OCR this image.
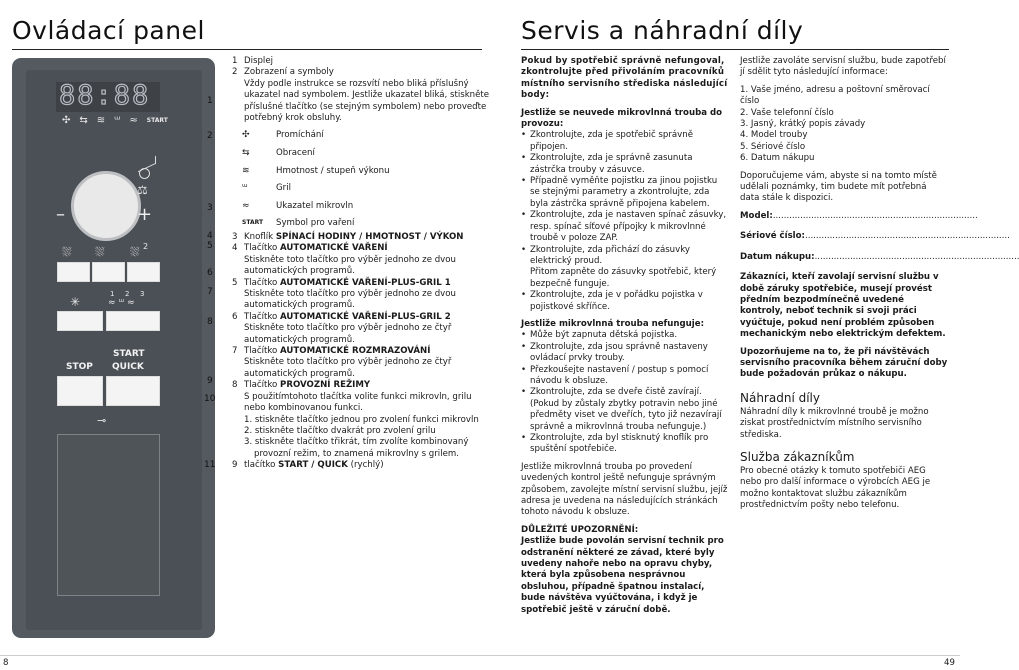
Ovládací panel	Servis a náhradní díly
88:88
✣ ⇆ ≋ ᵚ ≈ START
⚖
–	+
⛆ ⛆ ⛆ 2
✳
1 2 3
≈ᵚ≈
STOP
START
QUICK
⊸
1
2
3
4
5
6
7
8
9
10
11
1 Displej
2 Zobrazení a symboly
Vždy podle instrukce se rozsvítí nebo bliká příslušný ukazatel nad symbolem. Jestliže ukazatel bliká, stiskněte příslušné tlačítko (se stejným symbolem) nebo proveďte potřebný krok obsluhy.
✣	Promíchání
⇆	Obracení
≋	Hmotnost / stupeň výkonu
ᵚ	Gril
≈	Ukazatel mikrovln
START Symbol pro vaření
3 Knoflík SPÍNACÍ HODINY / HMOTNOST / VÝKON
4 Tlačítko AUTOMATICKÉ VAŘENÍ
Stiskněte toto tlačítko pro výběr jednoho ze dvou automatických programů.
5 Tlačítko AUTOMATICKÉ VAŘENÍ-PLUS-GRIL 1
Stiskněte toto tlačítko pro výběr jednoho ze dvou automatických programů.
6 Tlačítko AUTOMATICKÉ VAŘENÍ-PLUS-GRIL 2
Stiskněte toto tlačítko pro výběr jednoho ze čtyř automatických programů.
7 Tlačítko AUTOMATICKÉ ROZMRAZOVÁNÍ
Stiskněte toto tlačítko pro výběr jednoho ze čtyř automatických programů.
8 Tlačítko PROVOZNÍ REŽIMY
S použitímtohoto tlačítka volite funkci mikrovln, grilu nebo kombinovanou funkci.
1. stiskněte tlačítko jednou pro zvolení funkci mikrovln
2. stiskněte tlačítko dvakrát pro zvolení grilu
3. stiskněte tlačítko třikrát, tím zvolíte kombinovaný provozní režim, to znamená mikrovlny s grilem.
9 tlačítko START / QUICK (rychlý)

Pokud by spotřebič správně nefungoval, zkontrolujte před přivoláním pracovníků místního servisního střediska následující body:

Jestliže se neuvede mikrovlnná trouba do provozu:

• Zkontrolujte, zda je spotřebič správně připojen.
• Zkontrolujte, zda je správně zasunuta zástrčka trouby v zásuvce.
• Případně vyměňte pojistku za jinou pojistku se stejnými parametry a zkontrolujte, zda byla zástrčka správně připojena kabelem.
• Zkontrolujte, zda je nastaven spínač zásuvky, resp. spínač síťové přípojky k mikrovlnné troubě v poloze ZAP.
• Zkontrolujte, zda přichází do zásuvky elektrický proud.
Přitom zapněte do zásuvky spotřebič, který bezpečně funguje.
• Zkontrolujte, zda je v pořádku pojistka v pojistkové skříňce.

Jestliže mikrovlnná trouba nefunguje:

• Může být zapnuta dětská pojistka.
• Zkontrolujte, zda jsou správně nastaveny ovládací prvky trouby.
• Přezkoušejte nastavení / postup s pomocí návodu k obsluze.
• Zkontrolujte, zda se dveře čistě zavírají. (Pokud by zůstaly zbytky potravin nebo jiné předměty viset ve dveřích, tyto již nezavírají správně a mikrovlnná trouba nefunguje.)
• Zkontrolujte, zda byl stisknutý knoflík pro spuštění spotřebiče.

Jestliže mikrovlnná trouba po provedení uvedených kontrol ještě nefunguje správným způsobem, zavolejte místní servisní službu, jejíž adresa je uvedena na následujících stránkách tohoto návodu k obsluze.

DŮLEŽITÉ UPOZORNĚNÍ:

Jestliže bude povolán servisní technik pro odstranění některé ze závad, které byly uvedeny nahoře nebo na opravu chyby, která byla způsobena nesprávnou obsluhou, případně špatnou instalací, bude návštěva vyúčtována, i když je spotřebič ještě v záruční době.

Jestliže zavoláte servisní službu, bude zapotřebí jí sdělit tyto následující informace:

1. Vaše jméno, adresu a poštovní směrovací číslo
2. Vaše telefonní číslo
3. Jasný, krátký popis závady
4. Model trouby
5. Sériové číslo
6. Datum nákupu

Doporučujeme vám, abyste si na tomto místě udělali poznámky, tim budete mít potřebná data stále k dispozici.

Model:...........................................................................
Sériové číslo:...........................................................................
Datum nákupu:...........................................................................

Zákazníci, kteří zavolají servisní službu v době záruky spotřebiče, musejí provést předním bezpodmínečně uvedené kontroly, neboť technik si svoji práci vyúčtuje, pokud není problém způsoben mechanickým nebo elektrickým defektem.

Upozorňujeme na to, že při návštěvách servisního pracovníka během záruční doby bude požadován průkaz o nákupu.

Náhradní díly

Náhradní díly k mikrovlnné troubě je možno ziskat prostřednictvím místního servisního střediska.

Služba zákazníkům

Pro obecné otázky k tomuto spotřebiči AEG nebo pro další informace o výrobcích AEG je možno kontaktovat službu zákazníkům prostřednictvím pošty nebo telefonu.

8	49
